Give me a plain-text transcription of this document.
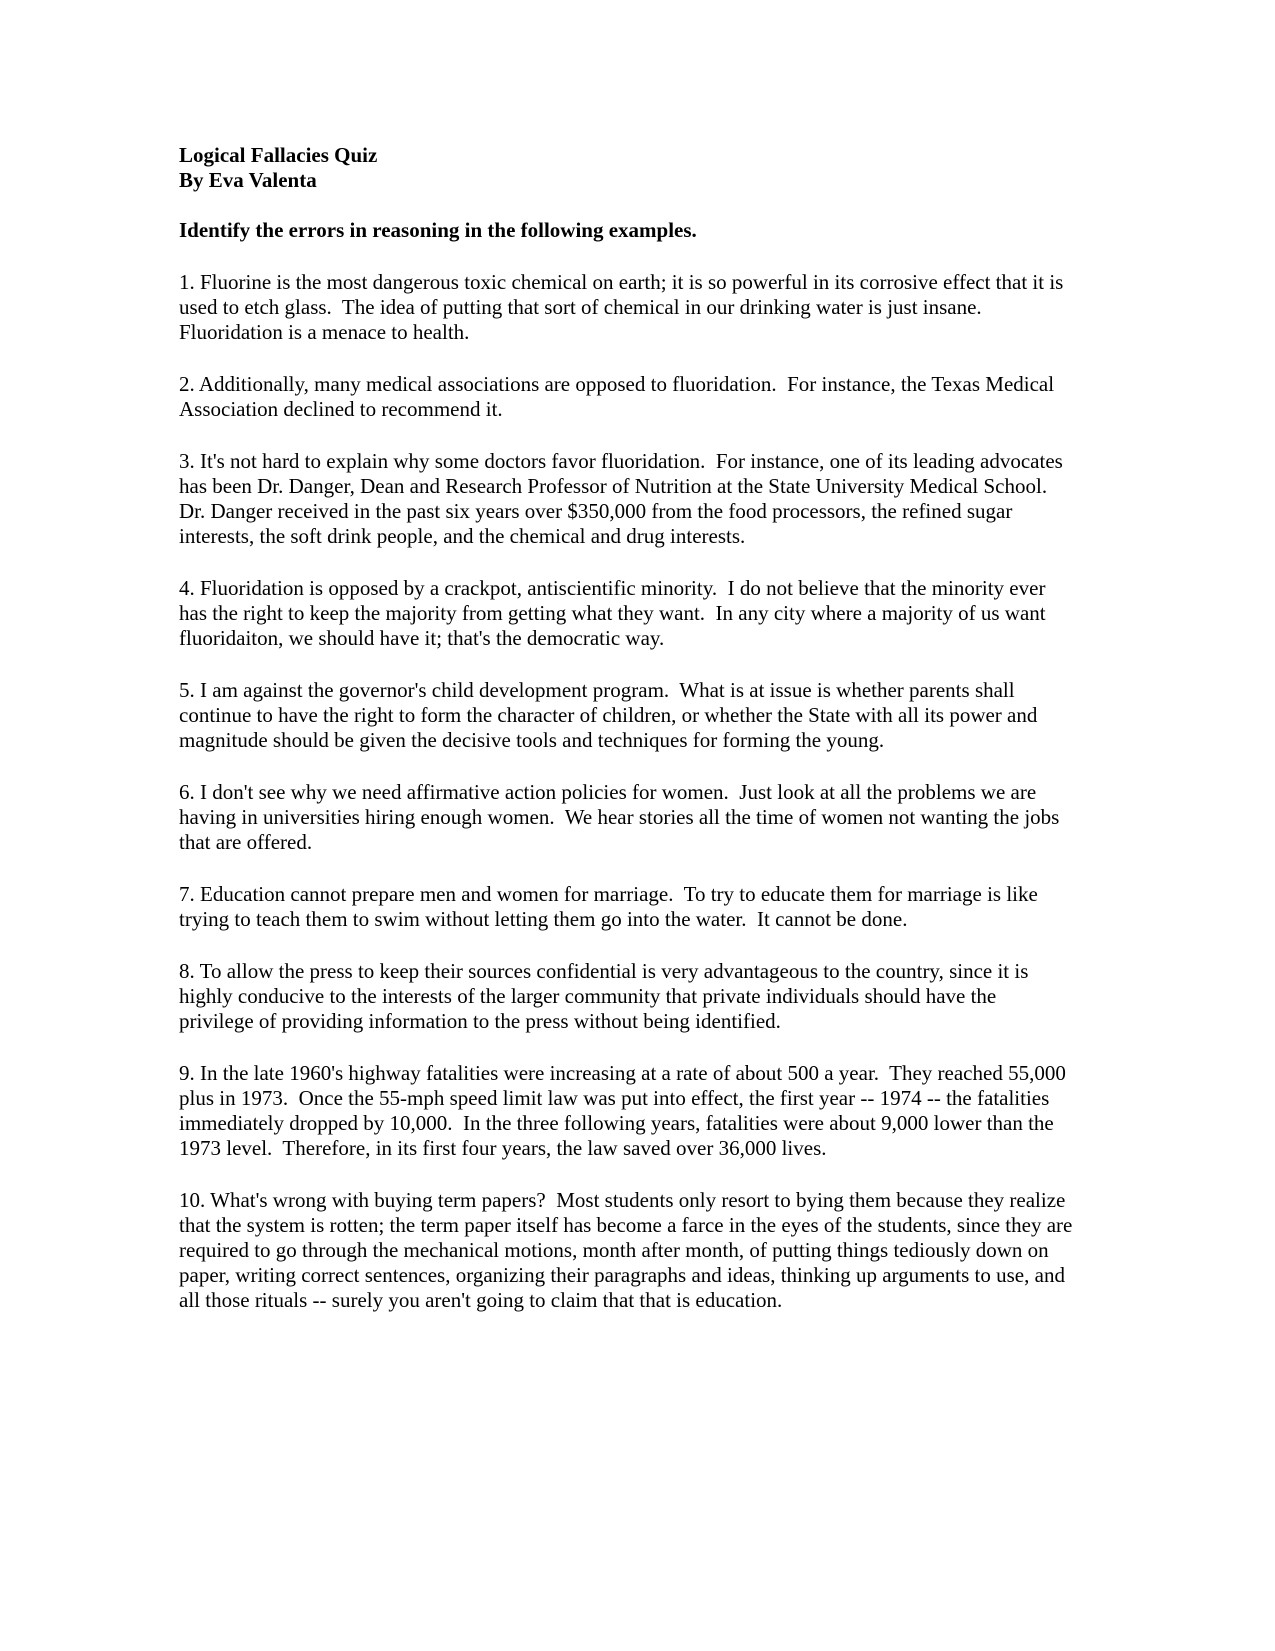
Logical Fallacies Quiz
By Eva Valenta
Identify the errors in reasoning in the following examples.
1. Fluorine is the most dangerous toxic chemical on earth; it is so powerful in its corrosive effect that it is
used to etch glass.  The idea of putting that sort of chemical in our drinking water is just insane.
Fluoridation is a menace to health.
2. Additionally, many medical associations are opposed to fluoridation.  For instance, the Texas Medical
Association declined to recommend it.
3. It's not hard to explain why some doctors favor fluoridation.  For instance, one of its leading advocates
has been Dr. Danger, Dean and Research Professor of Nutrition at the State University Medical School.
Dr. Danger received in the past six years over $350,000 from the food processors, the refined sugar
interests, the soft drink people, and the chemical and drug interests.
4. Fluoridation is opposed by a crackpot, antiscientific minority.  I do not believe that the minority ever
has the right to keep the majority from getting what they want.  In any city where a majority of us want
fluoridaiton, we should have it; that's the democratic way.
5. I am against the governor's child development program.  What is at issue is whether parents shall
continue to have the right to form the character of children, or whether the State with all its power and
magnitude should be given the decisive tools and techniques for forming the young.
6. I don't see why we need affirmative action policies for women.  Just look at all the problems we are
having in universities hiring enough women.  We hear stories all the time of women not wanting the jobs
that are offered.
7. Education cannot prepare men and women for marriage.  To try to educate them for marriage is like
trying to teach them to swim without letting them go into the water.  It cannot be done.
8. To allow the press to keep their sources confidential is very advantageous to the country, since it is
highly conducive to the interests of the larger community that private individuals should have the
privilege of providing information to the press without being identified.
9. In the late 1960's highway fatalities were increasing at a rate of about 500 a year.  They reached 55,000
plus in 1973.  Once the 55-mph speed limit law was put into effect, the first year -- 1974 -- the fatalities
immediately dropped by 10,000.  In the three following years, fatalities were about 9,000 lower than the
1973 level.  Therefore, in its first four years, the law saved over 36,000 lives.
10. What's wrong with buying term papers?  Most students only resort to bying them because they realize
that the system is rotten; the term paper itself has become a farce in the eyes of the students, since they are
required to go through the mechanical motions, month after month, of putting things tediously down on
paper, writing correct sentences, organizing their paragraphs and ideas, thinking up arguments to use, and
all those rituals -- surely you aren't going to claim that that is education.
